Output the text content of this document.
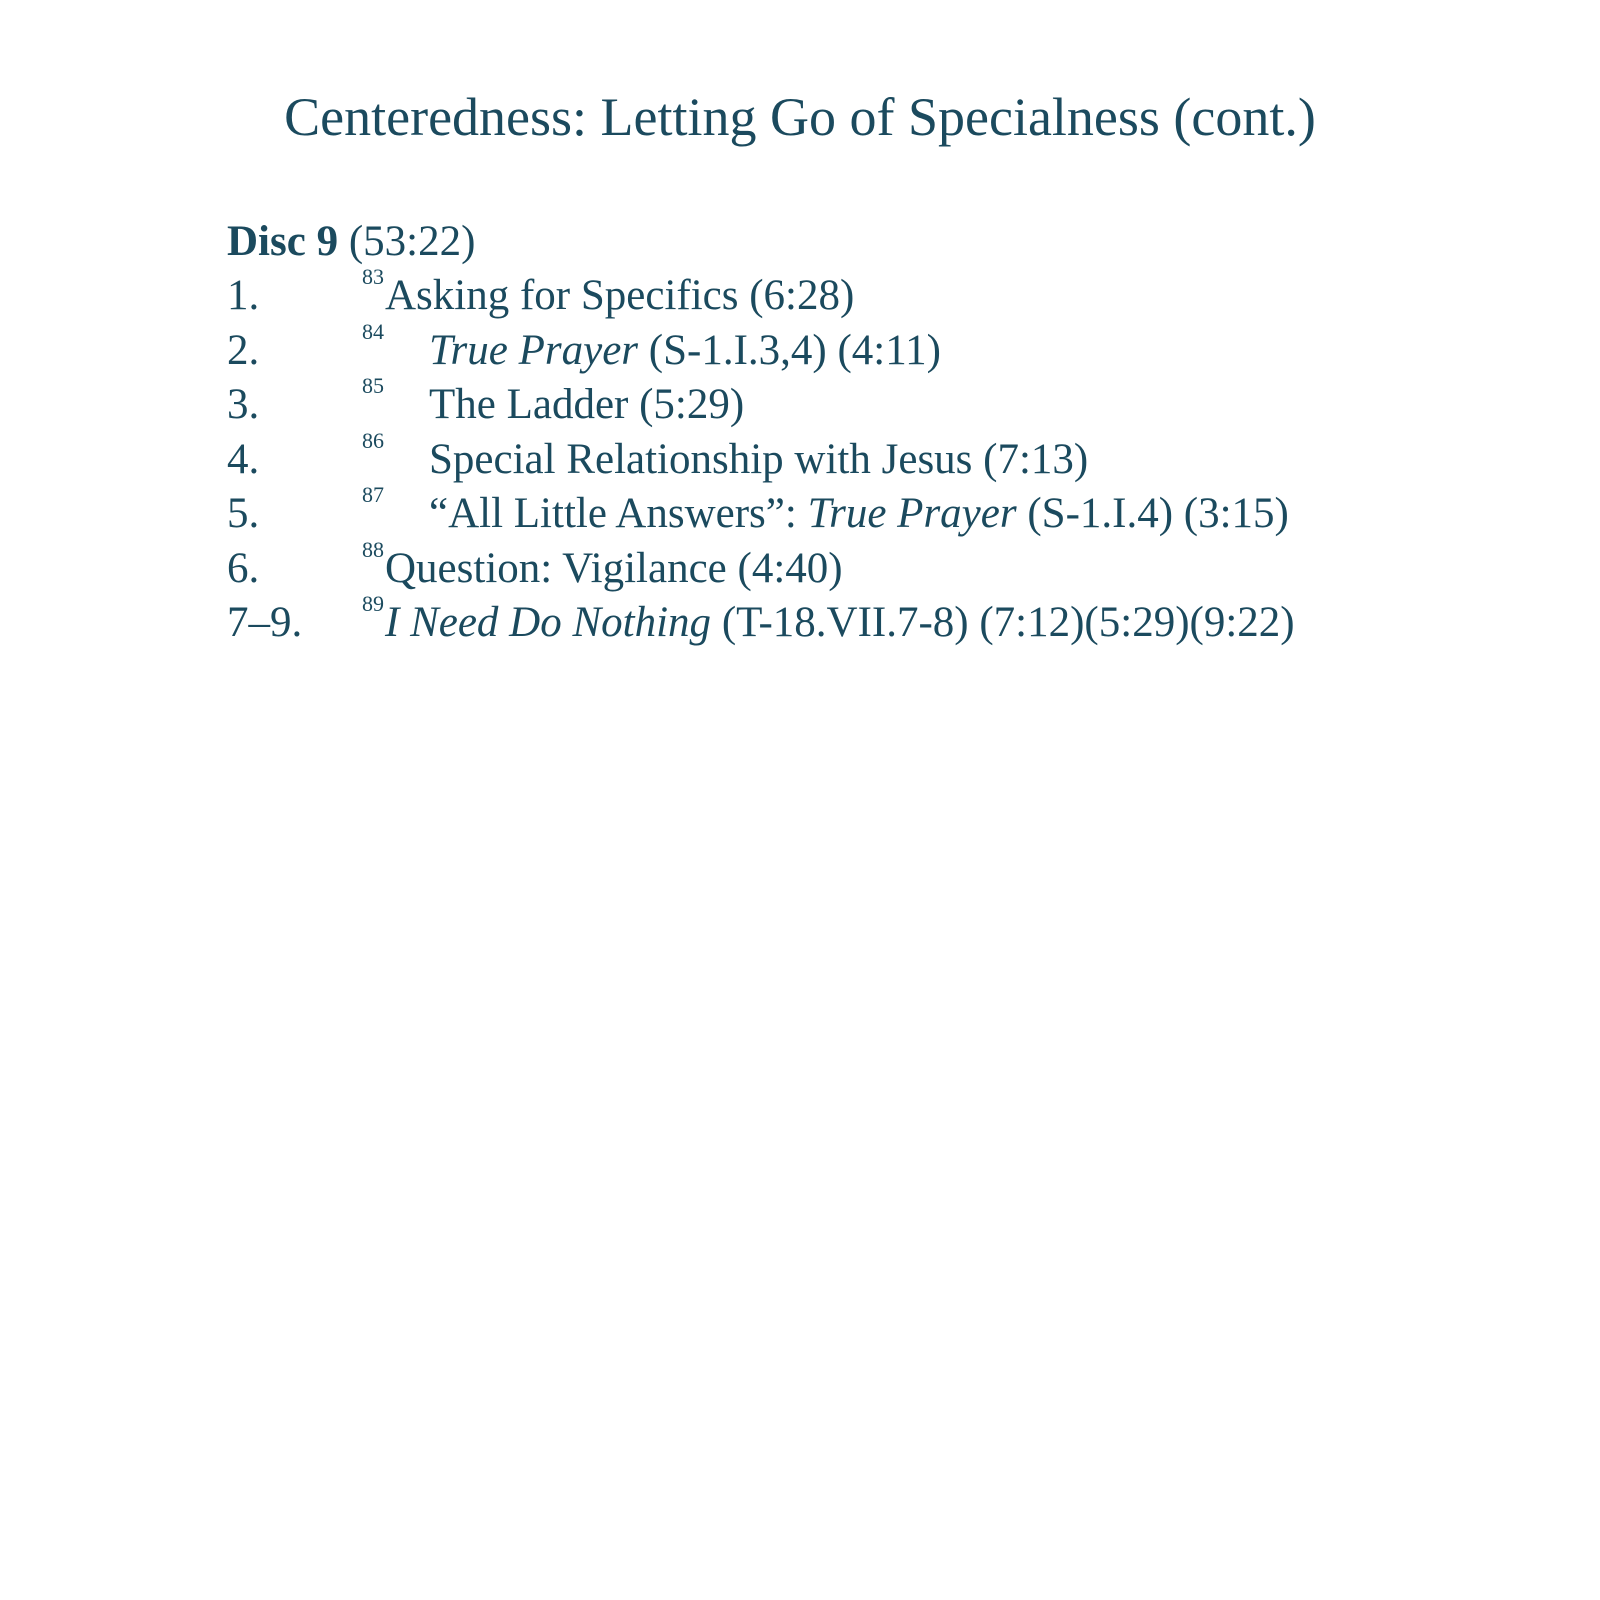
Centeredness: Letting Go of Specialness (cont.)
Disc 9 (53:22)
1.	83 Asking for Specifics (6:28)
2.	84 True Prayer (S-1.I.3,4) (4:11)
3.	85 The Ladder (5:29)
4.	86 Special Relationship with Jesus (7:13)
5.	87 “All Little Answers”: True Prayer (S-1.I.4) (3:15)
6.	88 Question: Vigilance (4:40)
7–9.	89 I Need Do Nothing (T-18.VII.7-8) (7:12)(5:29)(9:22)
